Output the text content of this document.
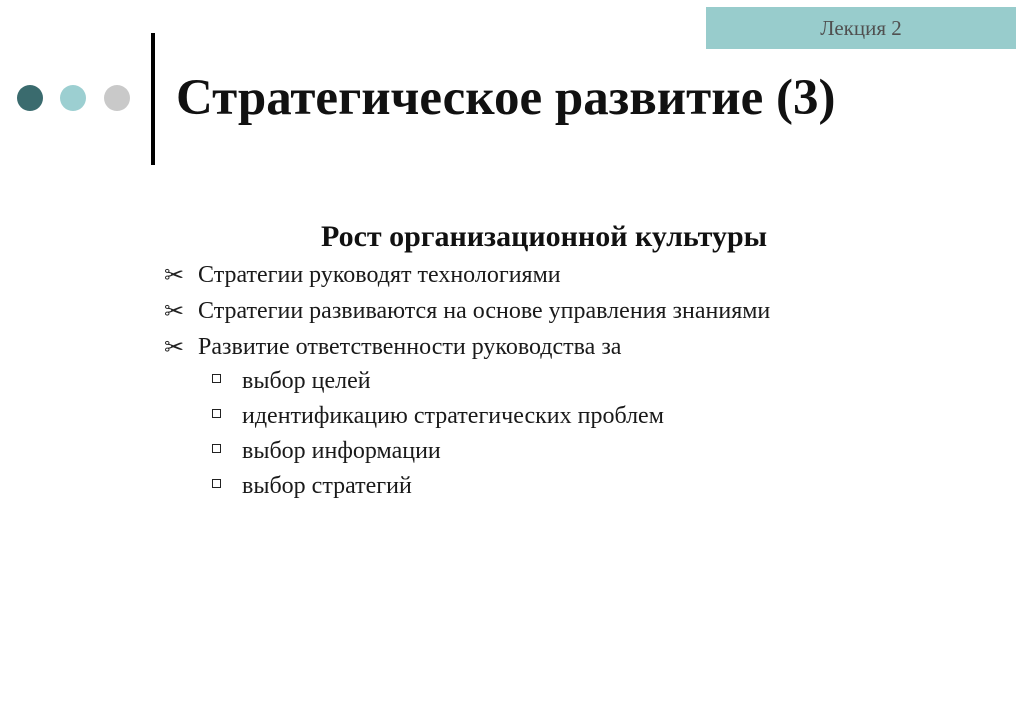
Лекция 2
Стратегическое развитие (3)
Рост организационной культуры
✂ Стратегии руководят технологиями
✂ Стратегии развиваются на основе управления знаниями
✂ Развитие ответственности руководства за
выбор целей
идентификацию стратегических проблем
выбор информации
выбор стратегий
